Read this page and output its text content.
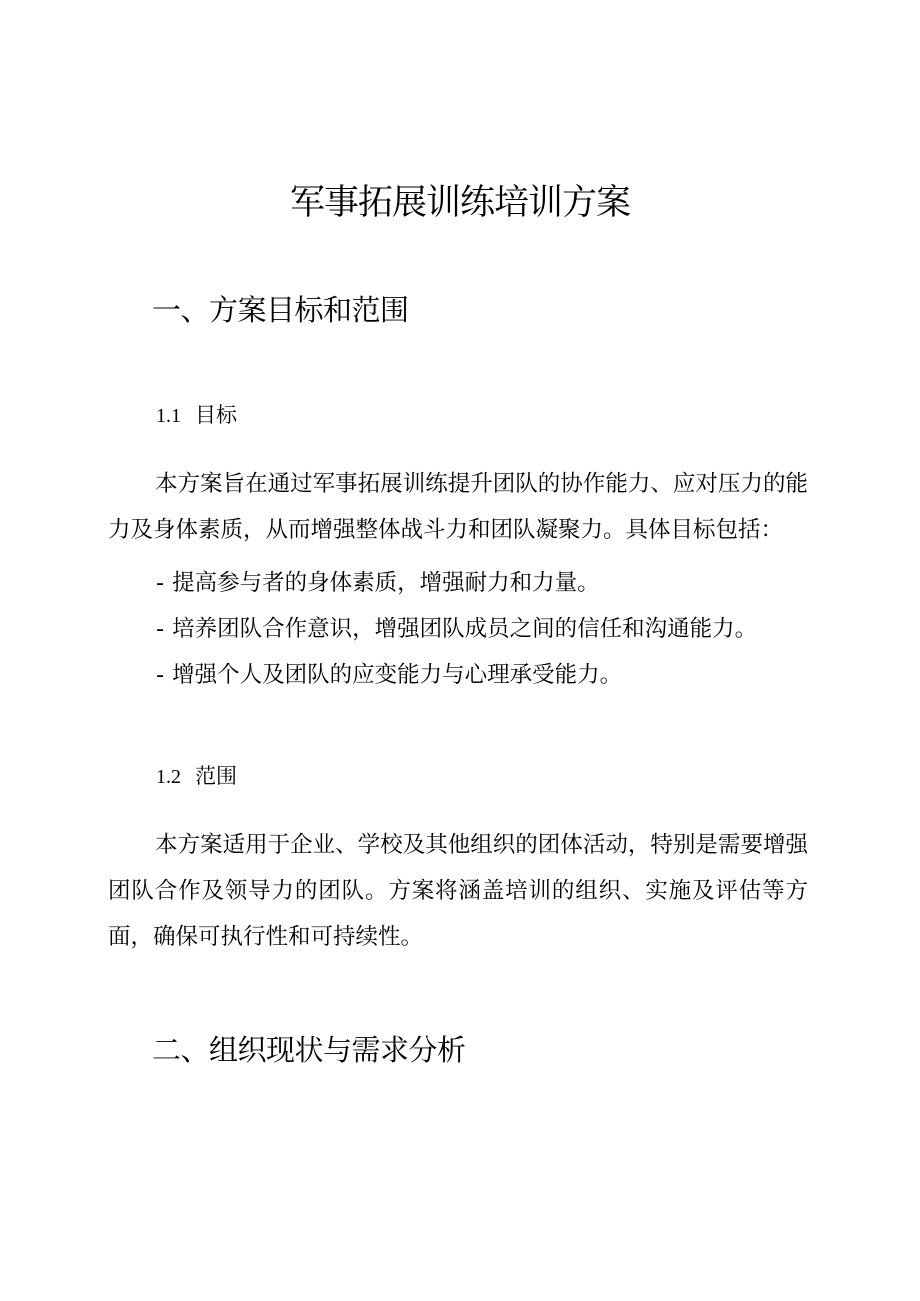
军事拓展训练培训方案
一、方案目标和范围
1.1 目标

本方案旨在通过军事拓展训练提升团队的协作能力、应对压力的能力及身体素质，从而增强整体战斗力和团队凝聚力。具体目标包括：

- 提高参与者的身体素质，增强耐力和力量。
- 培养团队合作意识，增强团队成员之间的信任和沟通能力。
- 增强个人及团队的应变能力与心理承受能力。
1.2 范围

本方案适用于企业、学校及其他组织的团体活动，特别是需要增强团队合作及领导力的团队。方案将涵盖培训的组织、实施及评估等方面，确保可执行性和可持续性。

二、组织现状与需求分析
